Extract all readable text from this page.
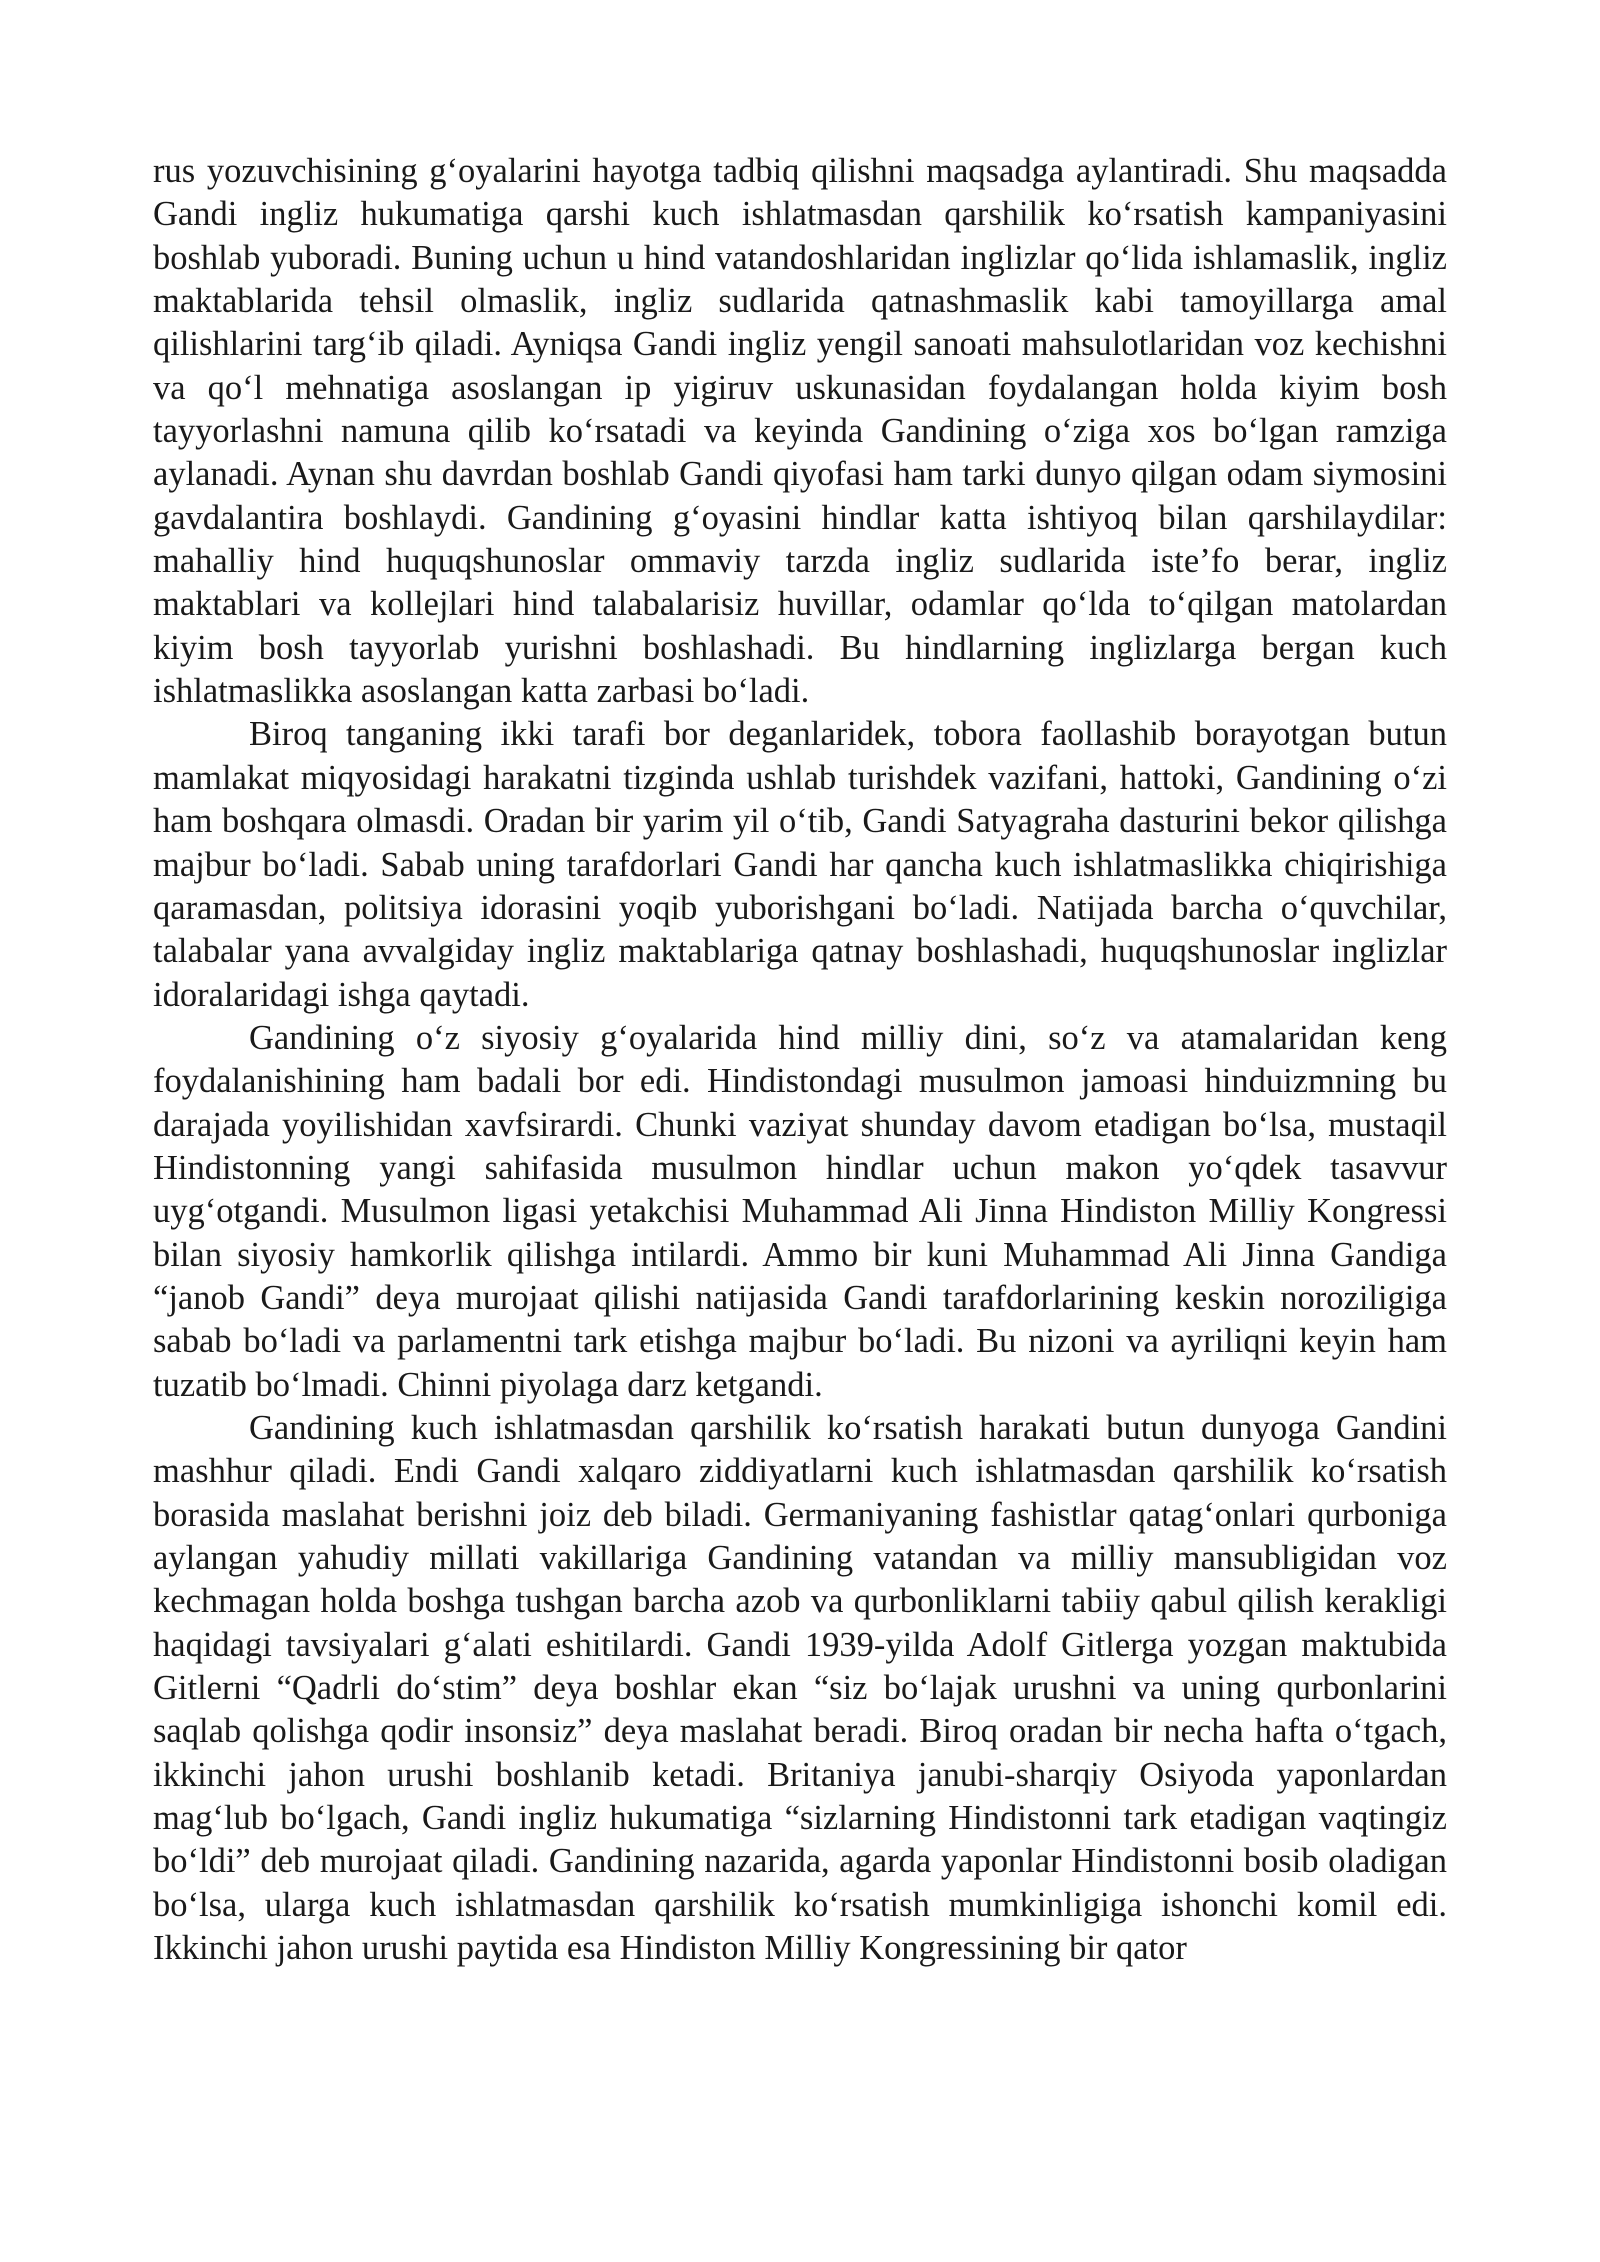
rus yozuvchisining g‘oyalarini hayotga tadbiq qilishni maqsadga aylantiradi. Shu maqsadda Gandi ingliz hukumatiga qarshi kuch ishlatmasdan qarshilik ko‘rsatish kampaniyasini boshlab yuboradi. Buning uchun u hind vatandoshlaridan inglizlar qo‘lida ishlamaslik, ingliz maktablarida tehsil olmaslik, ingliz sudlarida qatnashmaslik kabi tamoyillarga amal qilishlarini targ‘ib qiladi. Ayniqsa Gandi ingliz yengil sanoati mahsulotlaridan voz kechishni va qo‘l mehnatiga asoslangan ip yigiruv uskunasidan foydalangan holda kiyim bosh tayyorlashni namuna qilib ko‘rsatadi va keyinda Gandining o‘ziga xos bo‘lgan ramziga aylanadi. Aynan shu davrdan boshlab Gandi qiyofasi ham tarki dunyo qilgan odam siymosini gavdalantira boshlaydi. Gandining g‘oyasini hindlar katta ishtiyoq bilan qarshilaydilar: mahalliy hind huquqshunoslar ommaviy tarzda ingliz sudlarida iste’fo berar, ingliz maktablari va kollejlari hind talabalarisiz huvillar, odamlar qo‘lda to‘qilgan matolardan kiyim bosh tayyorlab yurishni boshlashadi. Bu hindlarning inglizlarga bergan kuch ishlatmaslikka asoslangan katta zarbasi bo‘ladi.

Biroq tanganing ikki tarafi bor deganlaridek, tobora faollashib borayotgan butun mamlakat miqyosidagi harakatni tizginda ushlab turishdek vazifani, hattoki, Gandining o‘zi ham boshqara olmasdi. Oradan bir yarim yil o‘tib, Gandi Satyagraha dasturini bekor qilishga majbur bo‘ladi. Sabab uning tarafdorlari Gandi har qancha kuch ishlatmaslikka chiqirishiga qaramasdan, politsiya idorasini yoqib yuborishgani bo‘ladi. Natijada barcha o‘quvchilar, talabalar yana avvalgiday ingliz maktablariga qatnay boshlashadi, huquqshunoslar inglizlar idoralaridagi ishga qaytadi.

Gandining o‘z siyosiy g‘oyalarida hind milliy dini, so‘z va atamalaridan keng foydalanishining ham badali bor edi. Hindistondagi musulmon jamoasi hinduizmning bu darajada yoyilishidan xavfsirardi. Chunki vaziyat shunday davom etadigan bo‘lsa, mustaqil Hindistonning yangi sahifasida musulmon hindlar uchun makon yo‘qdek tasavvur uyg‘otgandi. Musulmon ligasi yetakchisi Muhammad Ali Jinna Hindiston Milliy Kongressi bilan siyosiy hamkorlik qilishga intilardi. Ammo bir kuni Muhammad Ali Jinna Gandiga “janob Gandi” deya murojaat qilishi natijasida Gandi tarafdorlarining keskin noroziligiga sabab bo‘ladi va parlamentni tark etishga majbur bo‘ladi. Bu nizoni va ayriliqni keyin ham tuzatib bo‘lmadi. Chinni piyolaga darz ketgandi.

Gandining kuch ishlatmasdan qarshilik ko‘rsatish harakati butun dunyoga Gandini mashhur qiladi. Endi Gandi xalqaro ziddiyatlarni kuch ishlatmasdan qarshilik ko‘rsatish borasida maslahat berishni joiz deb biladi. Germaniyaning fashistlar qatag‘onlari qurboniga aylangan yahudiy millati vakillariga Gandining vatandan va milliy mansubligidan voz kechmagan holda boshga tushgan barcha azob va qurbonliklarni tabiiy qabul qilish kerakligi haqidagi tavsiyalari g‘alati eshitilardi. Gandi 1939-yilda Adolf Gitlerga yozgan maktubida Gitlerni “Qadrli do‘stim” deya boshlar ekan “siz bo‘lajak urushni va uning qurbonlarini saqlab qolishga qodir insonsiz” deya maslahat beradi. Biroq oradan bir necha hafta o‘tgach, ikkinchi jahon urushi boshlanib ketadi. Britaniya janubi-sharqiy Osiyoda yaponlardan mag‘lub bo‘lgach, Gandi ingliz hukumatiga “sizlarning Hindistonni tark etadigan vaqtingiz bo‘ldi” deb murojaat qiladi. Gandining nazarida, agarda yaponlar Hindistonni bosib oladigan bo‘lsa, ularga kuch ishlatmasdan qarshilik ko‘rsatish mumkinligiga ishonchi komil edi. Ikkinchi jahon urushi paytida esa Hindiston Milliy Kongressining bir qator
